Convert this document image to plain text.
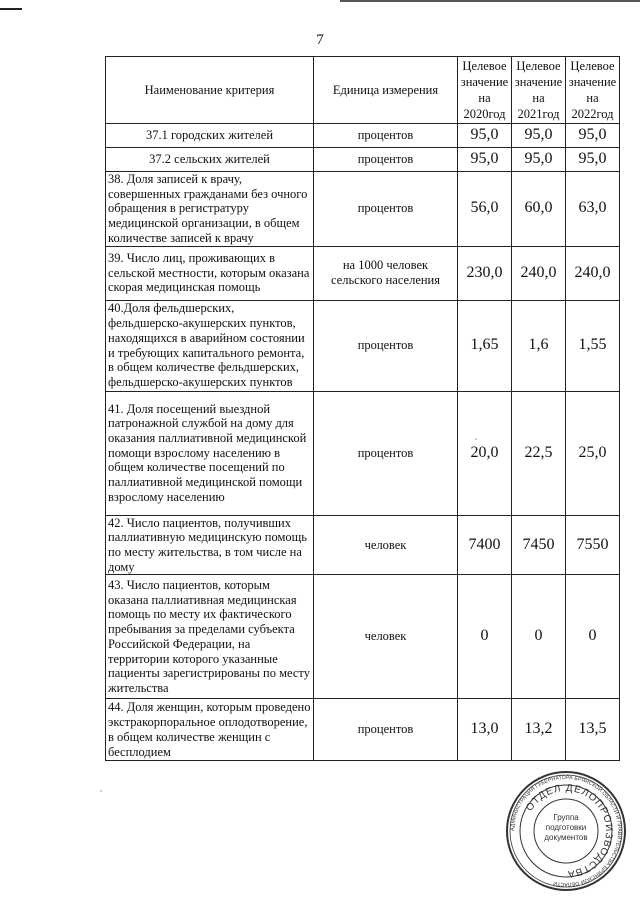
7
Наименование критерия	Единица измерения	Целевое значение на 2020год	Целевое значение на 2021год	Целевое значение на 2022год
37.1 городских жителей	процентов	95,0	95,0	95,0
37.2 сельских жителей	процентов	95,0	95,0	95,0
38. Доля записей к врачу, совершенных гражданами без очного обращения в регистратуру медицинской организации, в общем количестве записей к врачу	процентов	56,0	60,0	63,0
39. Число лиц, проживающих в сельской местности, которым оказана скорая медицинская помощь	на 1000 человек сельского населения	230,0	240,0	240,0
40.Доля фельдшерских, фельдшерско-акушерских пунктов, находящихся в аварийном состоянии и требующих капитального ремонта, в общем количестве фельдшерских, фельдшерско-акушерских пунктов	процентов	1,65	1,6	1,55
41. Доля посещений выездной патронажной службой на дому для оказания паллиативной медицинской помощи взрослому населению в общем количестве посещений по паллиативной медицинской помощи взрослому населению	процентов	20,0	22,5	25,0
42. Число пациентов, получивших паллиативную медицинскую помощь по месту жительства, в том числе на дому	человек	7400	7450	7550
43. Число пациентов, которым оказана паллиативная медицинская помощь по месту их фактического пребывания за пределами субъекта Российской Федерации, на территории которого указанные пациенты зарегистрированы по месту жительства	человек	0	0	0
44. Доля женщин, которым проведено экстракорпоральное оплодотворение, в общем количестве женщин с бесплодием	процентов	13,0	13,2	13,5
АДМИНИСТРАЦИЯ ГУБЕРНАТОРА БРЯНСКОЙ ОБЛАСТИ И ПРАВИТЕЛЬСТВА БРЯНСКОЙ ОБЛАСТИ
ОТДЕЛ ДЕЛОПРОИЗВОДСТВА
Группа
подготовки
документов
